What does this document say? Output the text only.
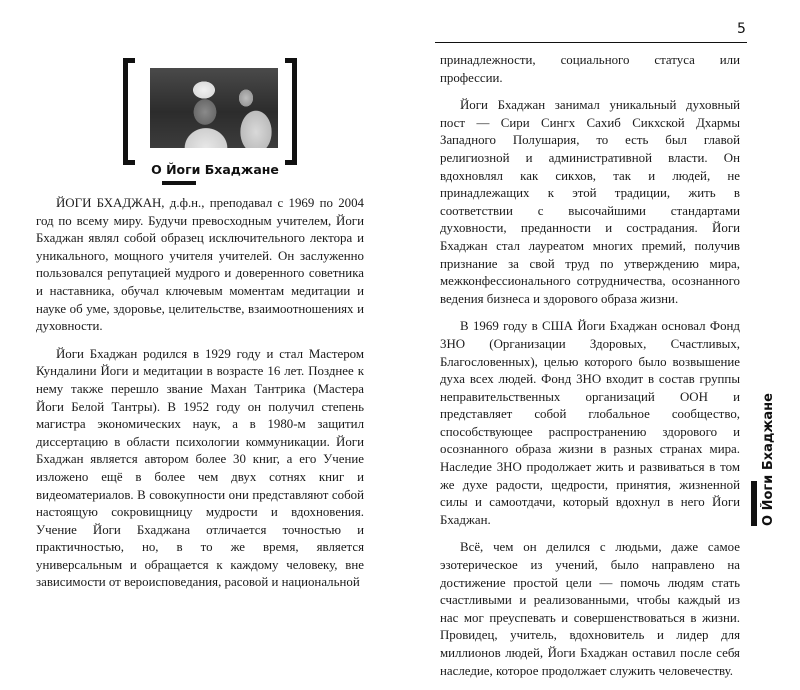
О Йоги Бхаджане

ЙОГИ БХАДЖАН, д.ф.н., преподавал с 1969 по 2004 год по всему миру. Будучи превосходным учителем, Йоги Бхаджан являл собой образец исключительного лектора и уникального, мощного учителя учителей. Он заслуженно пользовался репутацией мудрого и доверенного советника и наставника, обучал ключевым моментам медитации и науке об уме, здоровье, целительстве, взаимоотношениях и духовности.

Йоги Бхаджан родился в 1929 году и стал Мастером Кундалини Йоги и медитации в возрасте 16 лет. Позднее к нему также перешло звание Махан Тантрика (Мастера Йоги Белой Тантры). В 1952 году он получил степень магистра экономических наук, а в 1980-м защитил диссертацию в области психологии коммуникации. Йоги Бхаджан является автором более 30 книг, а его Учение изложено ещё в более чем двух сотнях книг и видеоматериалов. В совокупности они представляют собой настоящую сокровищницу мудрости и вдохновения. Учение Йоги Бхаджана отличается точностью и практичностью, но, в то же время, является универсальным и обращается к каждому человеку, вне зависимости от вероисповедания, расовой и национальной

5

принадлежности, социального статуса или профессии.

Йоги Бхаджан занимал уникальный духовный пост — Сири Сингх Сахиб Сикхской Дхармы Западного Полушария, то есть был главой религиозной и административной власти. Он вдохновлял как сикхов, так и людей, не принадлежащих к этой традиции, жить в соответствии с высочайшими стандартами духовности, преданности и сострадания. Йоги Бхаджан стал лауреатом многих премий, получив признание за свой труд по утверждению мира, межконфессионального сотрудничества, осознанного ведения бизнеса и здорового образа жизни.

В 1969 году в США Йоги Бхаджан основал Фонд 3НО (Организации Здоровых, Счастливых, Благословенных), целью которого было возвышение духа всех людей. Фонд 3НО входит в состав группы неправительственных организаций ООН и представляет собой глобальное сообщество, способствующее распространению здорового и осознанного образа жизни в разных странах мира. Наследие 3НО продолжает жить и развиваться в том же духе радости, щедрости, принятия, жизненной силы и самоотдачи, который вдохнул в него Йоги Бхаджан.

Всё, чем он делился с людьми, даже самое эзотерическое из учений, было направлено на достижение простой цели — помочь людям стать счастливыми и реализованными, чтобы каждый из нас мог преуспевать и совершенствоваться в жизни. Провидец, учитель, вдохновитель и лидер для миллионов людей, Йоги Бхаджан оставил после себя наследие, которое продолжает служить человечеству.

О Йоги Бхаджане
